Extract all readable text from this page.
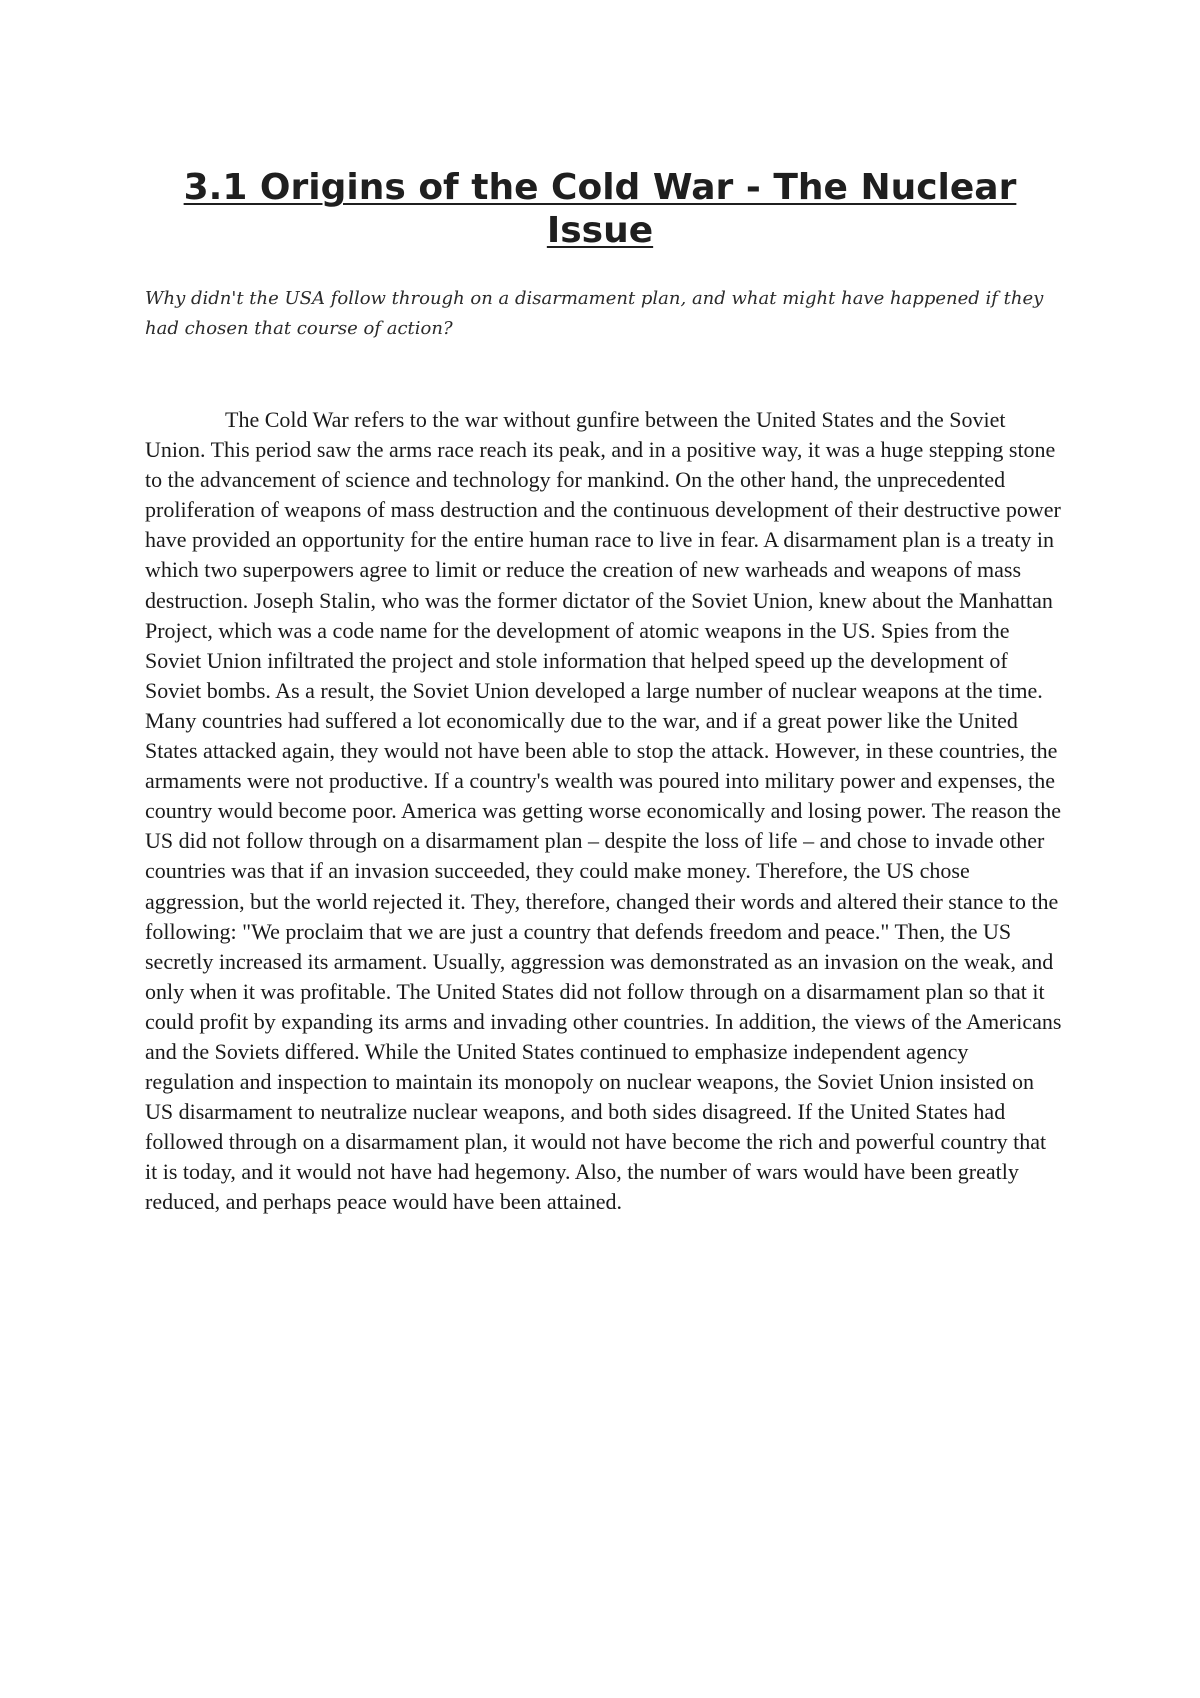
3.1 Origins of the Cold War - The Nuclear Issue

Why didn't the USA follow through on a disarmament plan, and what might have happened if they had chosen that course of action?

The Cold War refers to the war without gunfire between the United States and the Soviet Union. This period saw the arms race reach its peak, and in a positive way, it was a huge stepping stone to the advancement of science and technology for mankind. On the other hand, the unprecedented proliferation of weapons of mass destruction and the continuous development of their destructive power have provided an opportunity for the entire human race to live in fear. A disarmament plan is a treaty in which two superpowers agree to limit or reduce the creation of new warheads and weapons of mass destruction. Joseph Stalin, who was the former dictator of the Soviet Union, knew about the Manhattan Project, which was a code name for the development of atomic weapons in the US. Spies from the Soviet Union infiltrated the project and stole information that helped speed up the development of Soviet bombs. As a result, the Soviet Union developed a large number of nuclear weapons at the time. Many countries had suffered a lot economically due to the war, and if a great power like the United States attacked again, they would not have been able to stop the attack. However, in these countries, the armaments were not productive. If a country's wealth was poured into military power and expenses, the country would become poor. America was getting worse economically and losing power. The reason the US did not follow through on a disarmament plan – despite the loss of life – and chose to invade other countries was that if an invasion succeeded, they could make money. Therefore, the US chose aggression, but the world rejected it. They, therefore, changed their words and altered their stance to the following: "We proclaim that we are just a country that defends freedom and peace." Then, the US secretly increased its armament. Usually, aggression was demonstrated as an invasion on the weak, and only when it was profitable. The United States did not follow through on a disarmament plan so that it could profit by expanding its arms and invading other countries. In addition, the views of the Americans and the Soviets differed. While the United States continued to emphasize independent agency regulation and inspection to maintain its monopoly on nuclear weapons, the Soviet Union insisted on US disarmament to neutralize nuclear weapons, and both sides disagreed. If the United States had followed through on a disarmament plan, it would not have become the rich and powerful country that it is today, and it would not have had hegemony. Also, the number of wars would have been greatly reduced, and perhaps peace would have been attained.
